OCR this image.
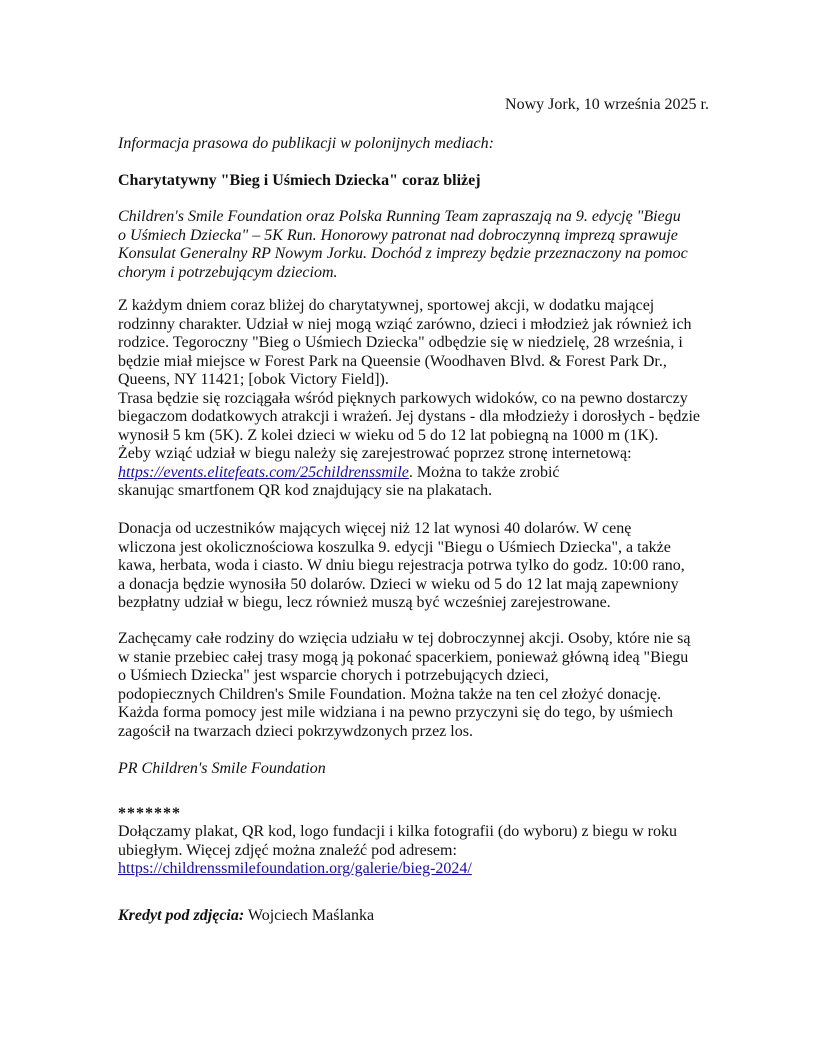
Nowy Jork, 10 września 2025 r.
Informacja prasowa do publikacji w polonijnych mediach:
Charytatywny "Bieg i Uśmiech Dziecka" coraz bliżej
Children's Smile Foundation oraz Polska Running Team zapraszają na 9. edycję "Biegu
o Uśmiech Dziecka" – 5K Run. Honorowy patronat nad dobroczynną imprezą sprawuje
Konsulat Generalny RP Nowym Jorku. Dochód z imprezy będzie przeznaczony na pomoc
chorym i potrzebującym dzieciom.
Z każdym dniem coraz bliżej do charytatywnej, sportowej akcji, w dodatku mającej
rodzinny charakter. Udział w niej mogą wziąć zarówno, dzieci i młodzież jak również ich
rodzice. Tegoroczny "Bieg o Uśmiech Dziecka" odbędzie się w niedzielę, 28 września, i
będzie miał miejsce w Forest Park na Queensie (Woodhaven Blvd. & Forest Park Dr.,
Queens, NY 11421; [obok Victory Field]).
Trasa będzie się rozciągała wśród pięknych parkowych widoków, co na pewno dostarczy
biegaczom dodatkowych atrakcji i wrażeń. Jej dystans - dla młodzieży i dorosłych - będzie
wynosił 5 km (5K). Z kolei dzieci w wieku od 5 do 12 lat pobiegną na 1000 m (1K).
Żeby wziąć udział w biegu należy się zarejestrować poprzez stronę internetową:
https://events.elitefeats.com/25childrenssmile. Można to także zrobić
skanując smartfonem QR kod znajdujący sie na plakatach.
Donacja od uczestników mających więcej niż 12 lat wynosi 40 dolarów. W cenę
wliczona jest okolicznościowa koszulka 9. edycji "Biegu o Uśmiech Dziecka", a także
kawa, herbata, woda i ciasto. W dniu biegu rejestracja potrwa tylko do godz. 10:00 rano,
a donacja będzie wynosiła 50 dolarów. Dzieci w wieku od 5 do 12 lat mają zapewniony
bezpłatny udział w biegu, lecz również muszą być wcześniej zarejestrowane.
Zachęcamy całe rodziny do wzięcia udziału w tej dobroczynnej akcji. Osoby, które nie są
w stanie przebiec całej trasy mogą ją pokonać spacerkiem, ponieważ główną ideą "Biegu
o Uśmiech Dziecka" jest wsparcie chorych i potrzebujących dzieci,
podopiecznych Children's Smile Foundation. Można także na ten cel złożyć donację.
Każda forma pomocy jest mile widziana i na pewno przyczyni się do tego, by uśmiech
zagościł na twarzach dzieci pokrzywdzonych przez los.
PR Children's Smile Foundation
*******
Dołączamy plakat, QR kod, logo fundacji i kilka fotografii (do wyboru) z biegu w roku
ubiegłym. Więcej zdjęć można znaleźć pod adresem:
https://childrenssmilefoundation.org/galerie/bieg-2024/
Kredyt pod zdjęcia: Wojciech Maślanka
